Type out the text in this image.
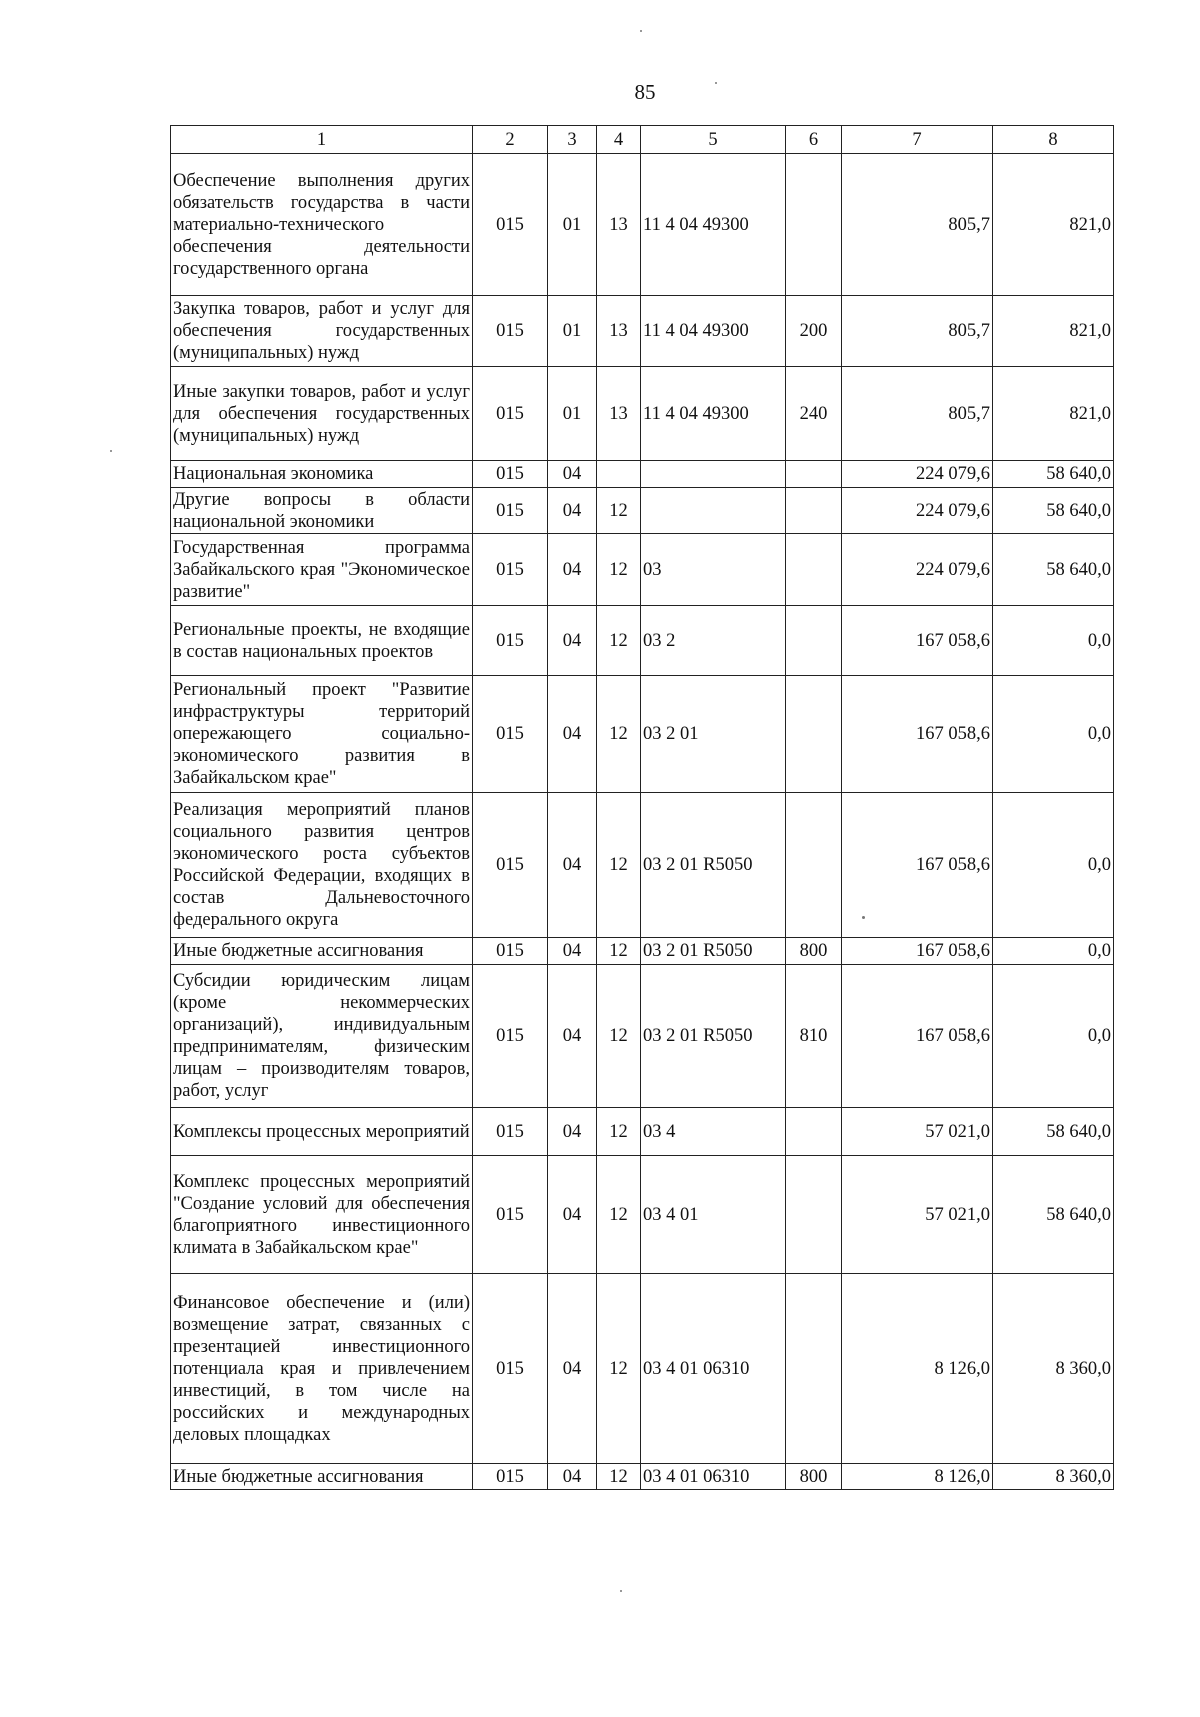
85
1	2	3	4	5	6	7	8
Обеспечение выполнения других обязательств государства в части материально-технического обеспечения деятельности государственного органа	015	01	13	11 4 04 49300		805,7	821,0
Закупка товаров, работ и услуг для обеспечения государственных (муниципальных) нужд	015	01	13	11 4 04 49300	200	805,7	821,0
Иные закупки товаров, работ и услуг для обеспечения государственных (муниципальных) нужд	015	01	13	11 4 04 49300	240	805,7	821,0
Национальная экономика	015	04				224 079,6	58 640,0
Другие вопросы в области национальной экономики	015	04	12			224 079,6	58 640,0
Государственная программа Забайкальского края "Экономическое развитие"	015	04	12	03		224 079,6	58 640,0
Региональные проекты, не входящие в состав национальных проектов	015	04	12	03 2		167 058,6	0,0
Региональный проект "Развитие инфраструктуры территорий опережающего социально-экономического развития в Забайкальском крае"	015	04	12	03 2 01		167 058,6	0,0
Реализация мероприятий планов социального развития центров экономического роста субъектов Российской Федерации, входящих в состав Дальневосточного федерального округа	015	04	12	03 2 01 R5050		167 058,6	0,0
Иные бюджетные ассигнования	015	04	12	03 2 01 R5050	800	167 058,6	0,0
Субсидии юридическим лицам (кроме некоммерческих организаций), индивидуальным предпринимателям, физическим лицам – производителям товаров, работ, услуг	015	04	12	03 2 01 R5050	810	167 058,6	0,0
Комплексы процессных мероприятий	015	04	12	03 4		57 021,0	58 640,0
Комплекс процессных мероприятий "Создание условий для обеспечения благоприятного инвестиционного климата в Забайкальском крае"	015	04	12	03 4 01		57 021,0	58 640,0
Финансовое обеспечение и (или) возмещение затрат, связанных с презентацией инвестиционного потенциала края и привлечением инвестиций, в том числе на российских и международных деловых площадках	015	04	12	03 4 01 06310		8 126,0	8 360,0
Иные бюджетные ассигнования	015	04	12	03 4 01 06310	800	8 126,0	8 360,0
